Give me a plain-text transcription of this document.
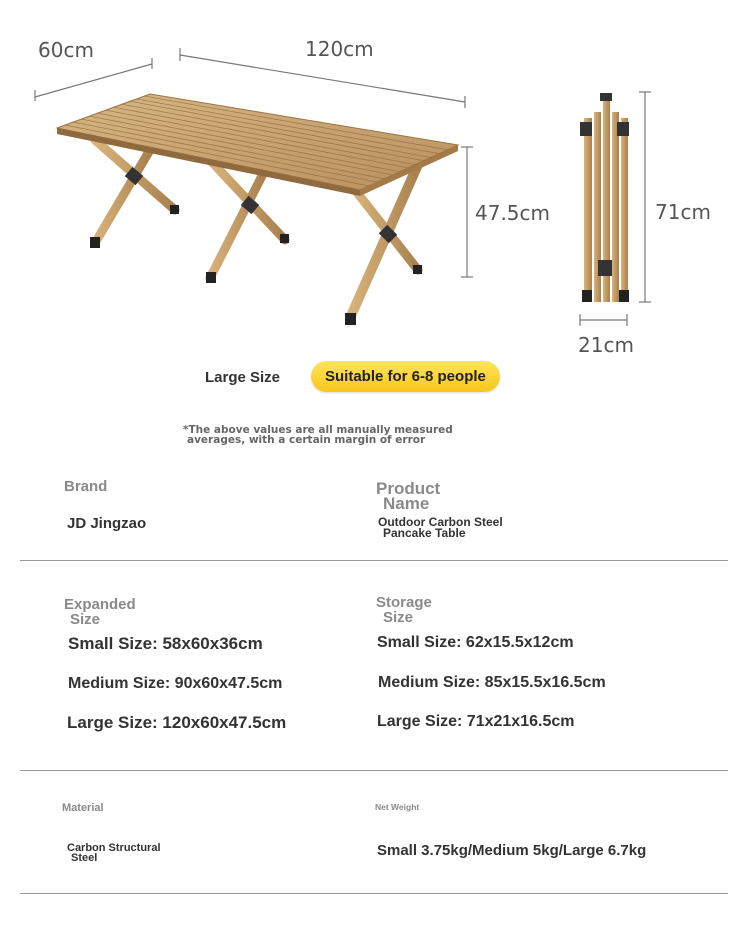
60cm	120cm
47.5cm	71cm
21cm
Large Size	Suitable for 6-8 people
*The above values are all manually measured
averages, with a certain margin of error
Brand
JD Jingzao
Product
Name
Outdoor Carbon Steel
Pancake Table
Expanded
Size
Small Size: 58x60x36cm
Medium Size: 90x60x47.5cm
Large Size: 120x60x47.5cm
Storage
Size
Small Size: 62x15.5x12cm
Medium Size: 85x15.5x16.5cm
Large Size: 71x21x16.5cm
Material
Carbon Structural
Steel
Net Weight
Small 3.75kg/Medium 5kg/Large 6.7kg
